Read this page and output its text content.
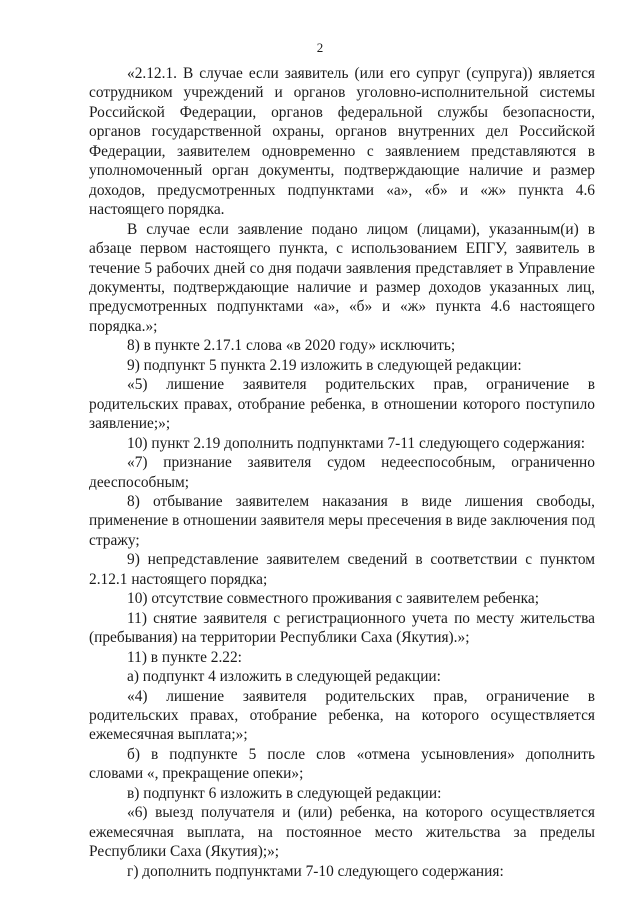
2

«2.12.1. В случае если заявитель (или его супруг (супруга)) является сотрудником учреждений и органов уголовно-исполнительной системы Российской Федерации, органов федеральной службы безопасности, органов государственной охраны, органов внутренних дел Российской Федерации, заявителем одновременно с заявлением представляются в уполномоченный орган документы, подтверждающие наличие и размер доходов, предусмотренных подпунктами «а», «б» и «ж» пункта 4.6 настоящего порядка.

В случае если заявление подано лицом (лицами), указанным(и) в абзаце первом настоящего пункта, с использованием ЕПГУ, заявитель в течение 5 рабочих дней со дня подачи заявления представляет в Управление документы, подтверждающие наличие и размер доходов указанных лиц, предусмотренных подпунктами «а», «б» и «ж» пункта 4.6 настоящего порядка.»;

8) в пункте 2.17.1 слова «в 2020 году» исключить;

9) подпункт 5 пункта 2.19 изложить в следующей редакции:

«5) лишение заявителя родительских прав, ограничение в родительских правах, отобрание ребенка, в отношении которого поступило заявление;»;

10) пункт 2.19 дополнить подпунктами 7-11 следующего содержания:

«7) признание заявителя судом недееспособным, ограниченно дееспособным;

8) отбывание заявителем наказания в виде лишения свободы, применение в отношении заявителя меры пресечения в виде заключения под стражу;

9) непредставление заявителем сведений в соответствии с пунктом 2.12.1 настоящего порядка;

10) отсутствие совместного проживания с заявителем ребенка;

11) снятие заявителя с регистрационного учета по месту жительства (пребывания) на территории Республики Саха (Якутия).»;

11) в пункте 2.22:

а) подпункт 4 изложить в следующей редакции:

«4) лишение заявителя родительских прав, ограничение в родительских правах, отобрание ребенка, на которого осуществляется ежемесячная выплата;»;

б) в подпункте 5 после слов «отмена усыновления» дополнить словами «, прекращение опеки»;

в) подпункт 6 изложить в следующей редакции:

«6) выезд получателя и (или) ребенка, на которого осуществляется ежемесячная выплата, на постоянное место жительства за пределы Республики Саха (Якутия);»;

г) дополнить подпунктами 7-10 следующего содержания:
